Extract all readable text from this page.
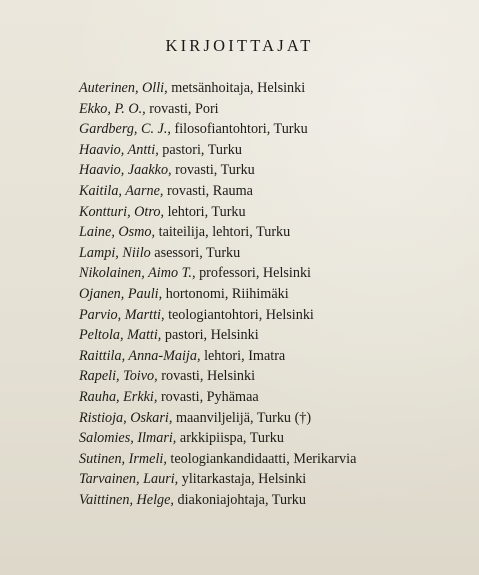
KIRJOITTAJAT
Auterinen, Olli, metsänhoitaja, Helsinki
Ekko, P. O., rovasti, Pori
Gardberg, C. J., filosofiantohtori, Turku
Haavio, Antti, pastori, Turku
Haavio, Jaakko, rovasti, Turku
Kaitila, Aarne, rovasti, Rauma
Kontturi, Otro, lehtori, Turku
Laine, Osmo, taiteilija, lehtori, Turku
Lampi, Niilo asessori, Turku
Nikolainen, Aimo T., professori, Helsinki
Ojanen, Pauli, hortonomi, Riihimäki
Parvio, Martti, teologiantohtori, Helsinki
Peltola, Matti, pastori, Helsinki
Raittila, Anna-Maija, lehtori, Imatra
Rapeli, Toivo, rovasti, Helsinki
Rauha, Erkki, rovasti, Pyhämaa
Ristioja, Oskari, maanviljelijä, Turku (†)
Salomies, Ilmari, arkkipiispa, Turku
Sutinen, Irmeli, teologiankandidaatti, Merikarvia
Tarvainen, Lauri, ylitarkastaja, Helsinki
Vaittinen, Helge, diakoniajohtaja, Turku
